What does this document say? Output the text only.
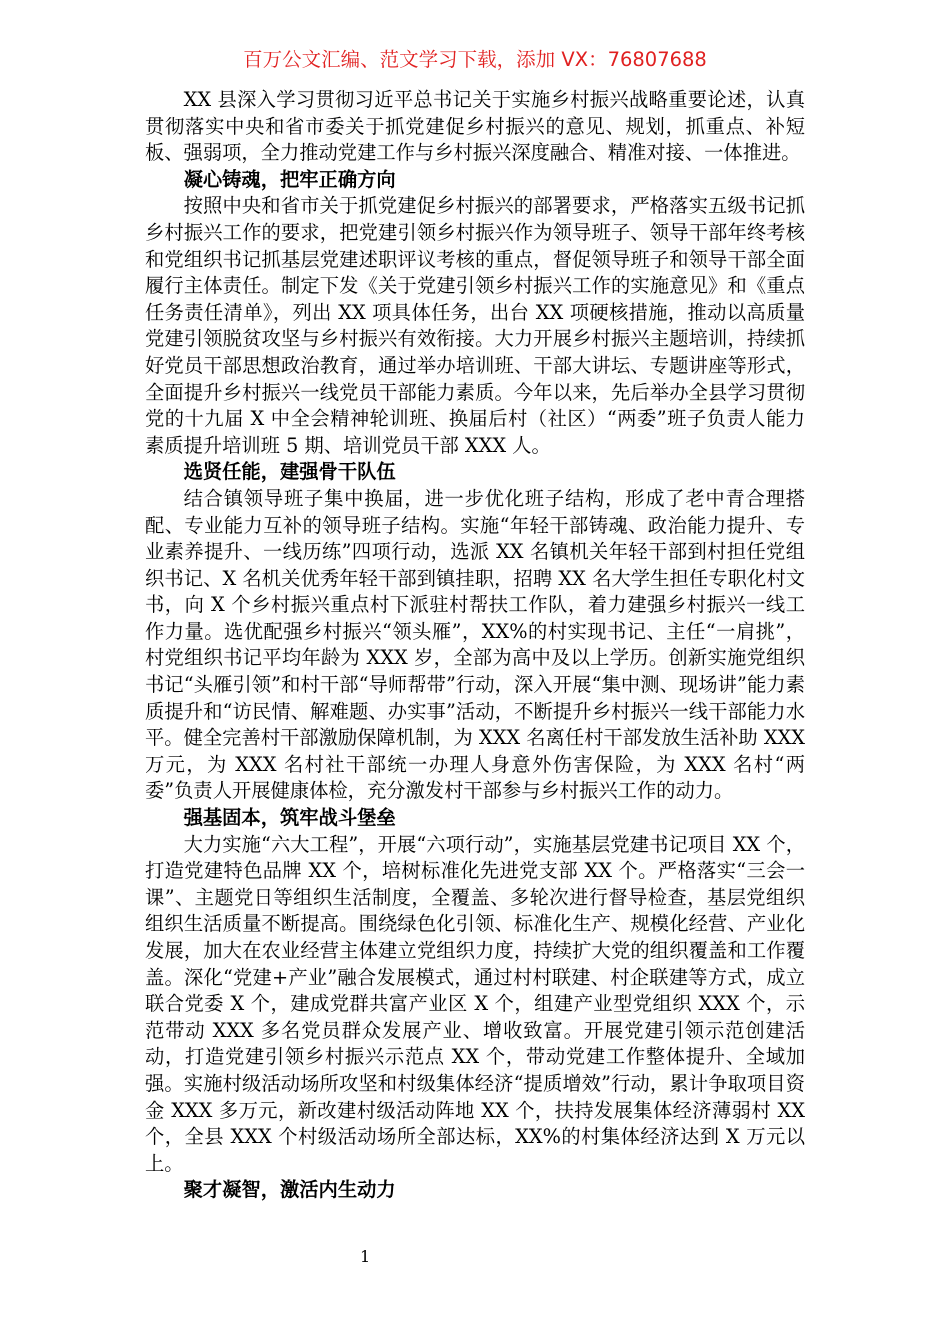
百万公文汇编、范文学习下载，添加 VX：76807688

XX 县深入学习贯彻习近平总书记关于实施乡村振兴战略重要论述，认真贯彻落实中央和省市委关于抓党建促乡村振兴的意见、规划，抓重点、补短板、强弱项，全力推动党建工作与乡村振兴深度融合、精准对接、一体推进。

凝心铸魂，把牢正确方向

按照中央和省市关于抓党建促乡村振兴的部署要求，严格落实五级书记抓乡村振兴工作的要求，把党建引领乡村振兴作为领导班子、领导干部年终考核和党组织书记抓基层党建述职评议考核的重点，督促领导班子和领导干部全面履行主体责任。制定下发《关于党建引领乡村振兴工作的实施意见》和《重点任务责任清单》，列出 XX 项具体任务，出台 XX 项硬核措施，推动以高质量党建引领脱贫攻坚与乡村振兴有效衔接。大力开展乡村振兴主题培训，持续抓好党员干部思想政治教育，通过举办培训班、干部大讲坛、专题讲座等形式，全面提升乡村振兴一线党员干部能力素质。今年以来，先后举办全县学习贯彻党的十九届 X 中全会精神轮训班、换届后村（社区）“两委”班子负责人能力素质提升培训班 5 期、培训党员干部 XXX 人。

选贤任能，建强骨干队伍

结合镇领导班子集中换届，进一步优化班子结构，形成了老中青合理搭配、专业能力互补的领导班子结构。实施“年轻干部铸魂、政治能力提升、专业素养提升、一线历练”四项行动，选派 XX 名镇机关年轻干部到村担任党组织书记、X 名机关优秀年轻干部到镇挂职，招聘 XX 名大学生担任专职化村文书，向 X 个乡村振兴重点村下派驻村帮扶工作队，着力建强乡村振兴一线工作力量。选优配强乡村振兴“领头雁”，XX%的村实现书记、主任“一肩挑”，村党组织书记平均年龄为 XXX 岁，全部为高中及以上学历。创新实施党组织书记“头雁引领”和村干部“导师帮带”行动，深入开展“集中测、现场讲”能力素质提升和“访民情、解难题、办实事”活动，不断提升乡村振兴一线干部能力水平。健全完善村干部激励保障机制，为 XXX 名离任村干部发放生活补助 XXX 万元，为 XXX 名村社干部统一办理人身意外伤害保险，为 XXX 名村“两委”负责人开展健康体检，充分激发村干部参与乡村振兴工作的动力。

强基固本，筑牢战斗堡垒

大力实施“六大工程”，开展“六项行动”，实施基层党建书记项目 XX 个，打造党建特色品牌 XX 个，培树标准化先进党支部 XX 个。严格落实“三会一课”、主题党日等组织生活制度，全覆盖、多轮次进行督导检查，基层党组织组织生活质量不断提高。围绕绿色化引领、标准化生产、规模化经营、产业化发展，加大在农业经营主体建立党组织力度，持续扩大党的组织覆盖和工作覆盖。深化“党建+产业”融合发展模式，通过村村联建、村企联建等方式，成立联合党委 X 个，建成党群共富产业区 X 个，组建产业型党组织 XXX 个，示范带动 XXX 多名党员群众发展产业、增收致富。开展党建引领示范创建活动，打造党建引领乡村振兴示范点 XX 个，带动党建工作整体提升、全域加强。实施村级活动场所攻坚和村级集体经济“提质增效”行动，累计争取项目资金 XXX 多万元，新改建村级活动阵地 XX 个，扶持发展集体经济薄弱村 XX 个，全县 XXX 个村级活动场所全部达标，XX%的村集体经济达到 X 万元以上。

聚才凝智，激活内生动力

1
